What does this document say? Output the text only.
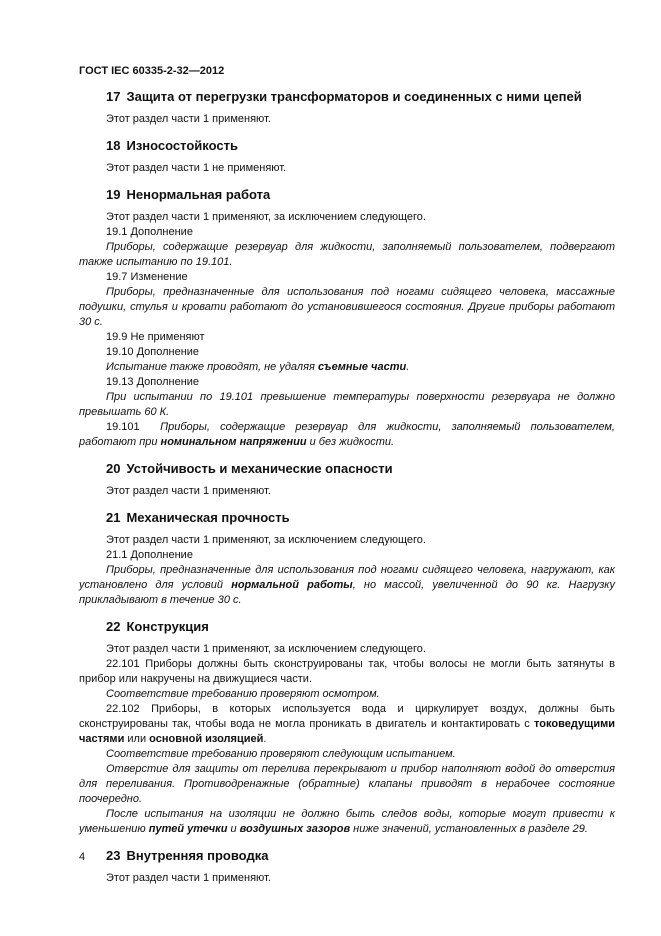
ГОСТ IEC 60335-2-32—2012
17 Защита от перегрузки трансформаторов и соединенных с ними цепей

Этот раздел части 1 применяют.

18 Износостойкость

Этот раздел части 1 не применяют.

19 Ненормальная работа

Этот раздел части 1 применяют, за исключением следующего.

19.1 Дополнение

Приборы, содержащие резервуар для жидкости, заполняемый пользователем, подвергают также испытанию по 19.101.

19.7 Изменение

Приборы, предназначенные для использования под ногами сидящего человека, массажные подушки, стулья и кровати работают до установившегося состояния. Другие приборы работают 30 с.

19.9 Не применяют

19.10 Дополнение

Испытание также проводят, не удаляя съемные части.

19.13 Дополнение

При испытании по 19.101 превышение температуры поверхности резервуара не должно превышать 60 К.

19.101 Приборы, содержащие резервуар для жидкости, заполняемый пользователем, работают при номинальном напряжении и без жидкости.

20 Устойчивость и механические опасности

Этот раздел части 1 применяют.

21 Механическая прочность

Этот раздел части 1 применяют, за исключением следующего.

21.1 Дополнение

Приборы, предназначенные для использования под ногами сидящего человека, нагружают, как установлено для условий нормальной работы, но массой, увеличенной до 90 кг. Нагрузку прикладывают в течение 30 с.

22 Конструкция

Этот раздел части 1 применяют, за исключением следующего.

22.101 Приборы должны быть сконструированы так, чтобы волосы не могли быть затянуты в прибор или накручены на движущиеся части.

Соответствие требованию проверяют осмотром.

22.102 Приборы, в которых используется вода и циркулирует воздух, должны быть сконструированы так, чтобы вода не могла проникать в двигатель и контактировать с токоведущими частями или основной изоляцией.

Соответствие требованию проверяют следующим испытанием.

Отверстие для защиты от перелива перекрывают и прибор наполняют водой до отверстия для переливания. Противодренажные (обратные) клапаны приводят в нерабочее состояние поочередно.

После испытания на изоляции не должно быть следов воды, которые могут привести к уменьшению путей утечки и воздушных зазоров ниже значений, установленных в разделе 29.

23 Внутренняя проводка

Этот раздел части 1 применяют.

4
